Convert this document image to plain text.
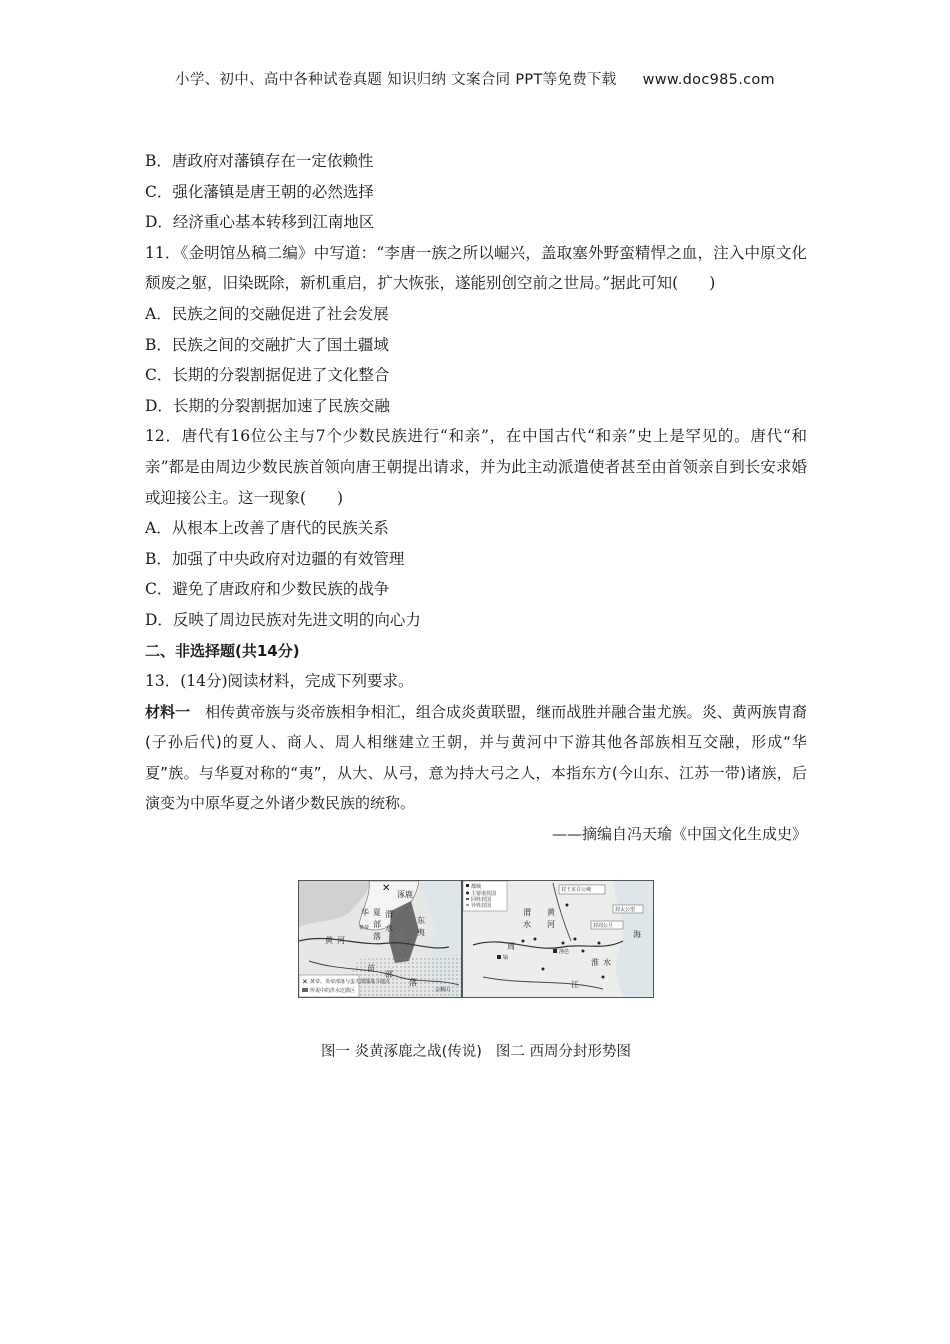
小学、初中、高中各种试卷真题 知识归纳 文案合同 PPT等免费下载 www.doc985.com
B．唐政府对藩镇存在一定依赖性
C．强化藩镇是唐王朝的必然选择
D．经济重心基本转移到江南地区
11．《金明馆丛稿二编》中写道：“李唐一族之所以崛兴，盖取塞外野蛮精悍之血，注入中原文化颓废之躯，旧染既除，新机重启，扩大恢张，遂能别创空前之世局。”据此可知(　　)
A．民族之间的交融促进了社会发展
B．民族之间的交融扩大了国土疆域
C．长期的分裂割据促进了文化整合
D．长期的分裂割据加速了民族交融
12．唐代有16位公主与7个少数民族进行“和亲”，在中国古代“和亲”史上是罕见的。唐代“和亲”都是由周边少数民族首领向唐王朝提出请求，并为此主动派遣使者甚至由首领亲自到长安求婚或迎接公主。这一现象(　　)
A．从根本上改善了唐代的民族关系
B．加强了中央政府对边疆的有效管理
C．避免了唐政府和少数民族的战争
D．反映了周边民族对先进文明的向心力
二、非选择题(共14分)
13．(14分)阅读材料，完成下列要求。
材料一　相传黄帝族与炎帝族相争相汇，组合成炎黄联盟，继而战胜并融合蚩尤族。炎、黄两族胄裔(子孙后代)的夏人、商人、周人相继建立王朝，并与黄河中下游其他各部族相互交融，形成“华夏”族。与华夏对称的“夷”，从大、从弓，意为持大弓之人，本指东方(今山东、江苏一带)诸族，后演变为中原华夏之外诸少数民族的统称。
——摘编自冯天瑜《中国文化生成史》
涿鹿
华 夏
部
落
东
夷
黄帝
渭
水
黄 河
苗
部
落
会稽山
✕
✕ 黄帝、炎帝部落与蚩尤部落战斗地点
传说中的洪水泛滥区
都城
主要诸侯国
同姓封国
异姓封国
封王室召公奭
渭
水	封周公旦
封太公望
镐
洛邑
周
黄
河
淮 水
江
海
图一 炎黄涿鹿之战(传说) 图二 西周分封形势图
